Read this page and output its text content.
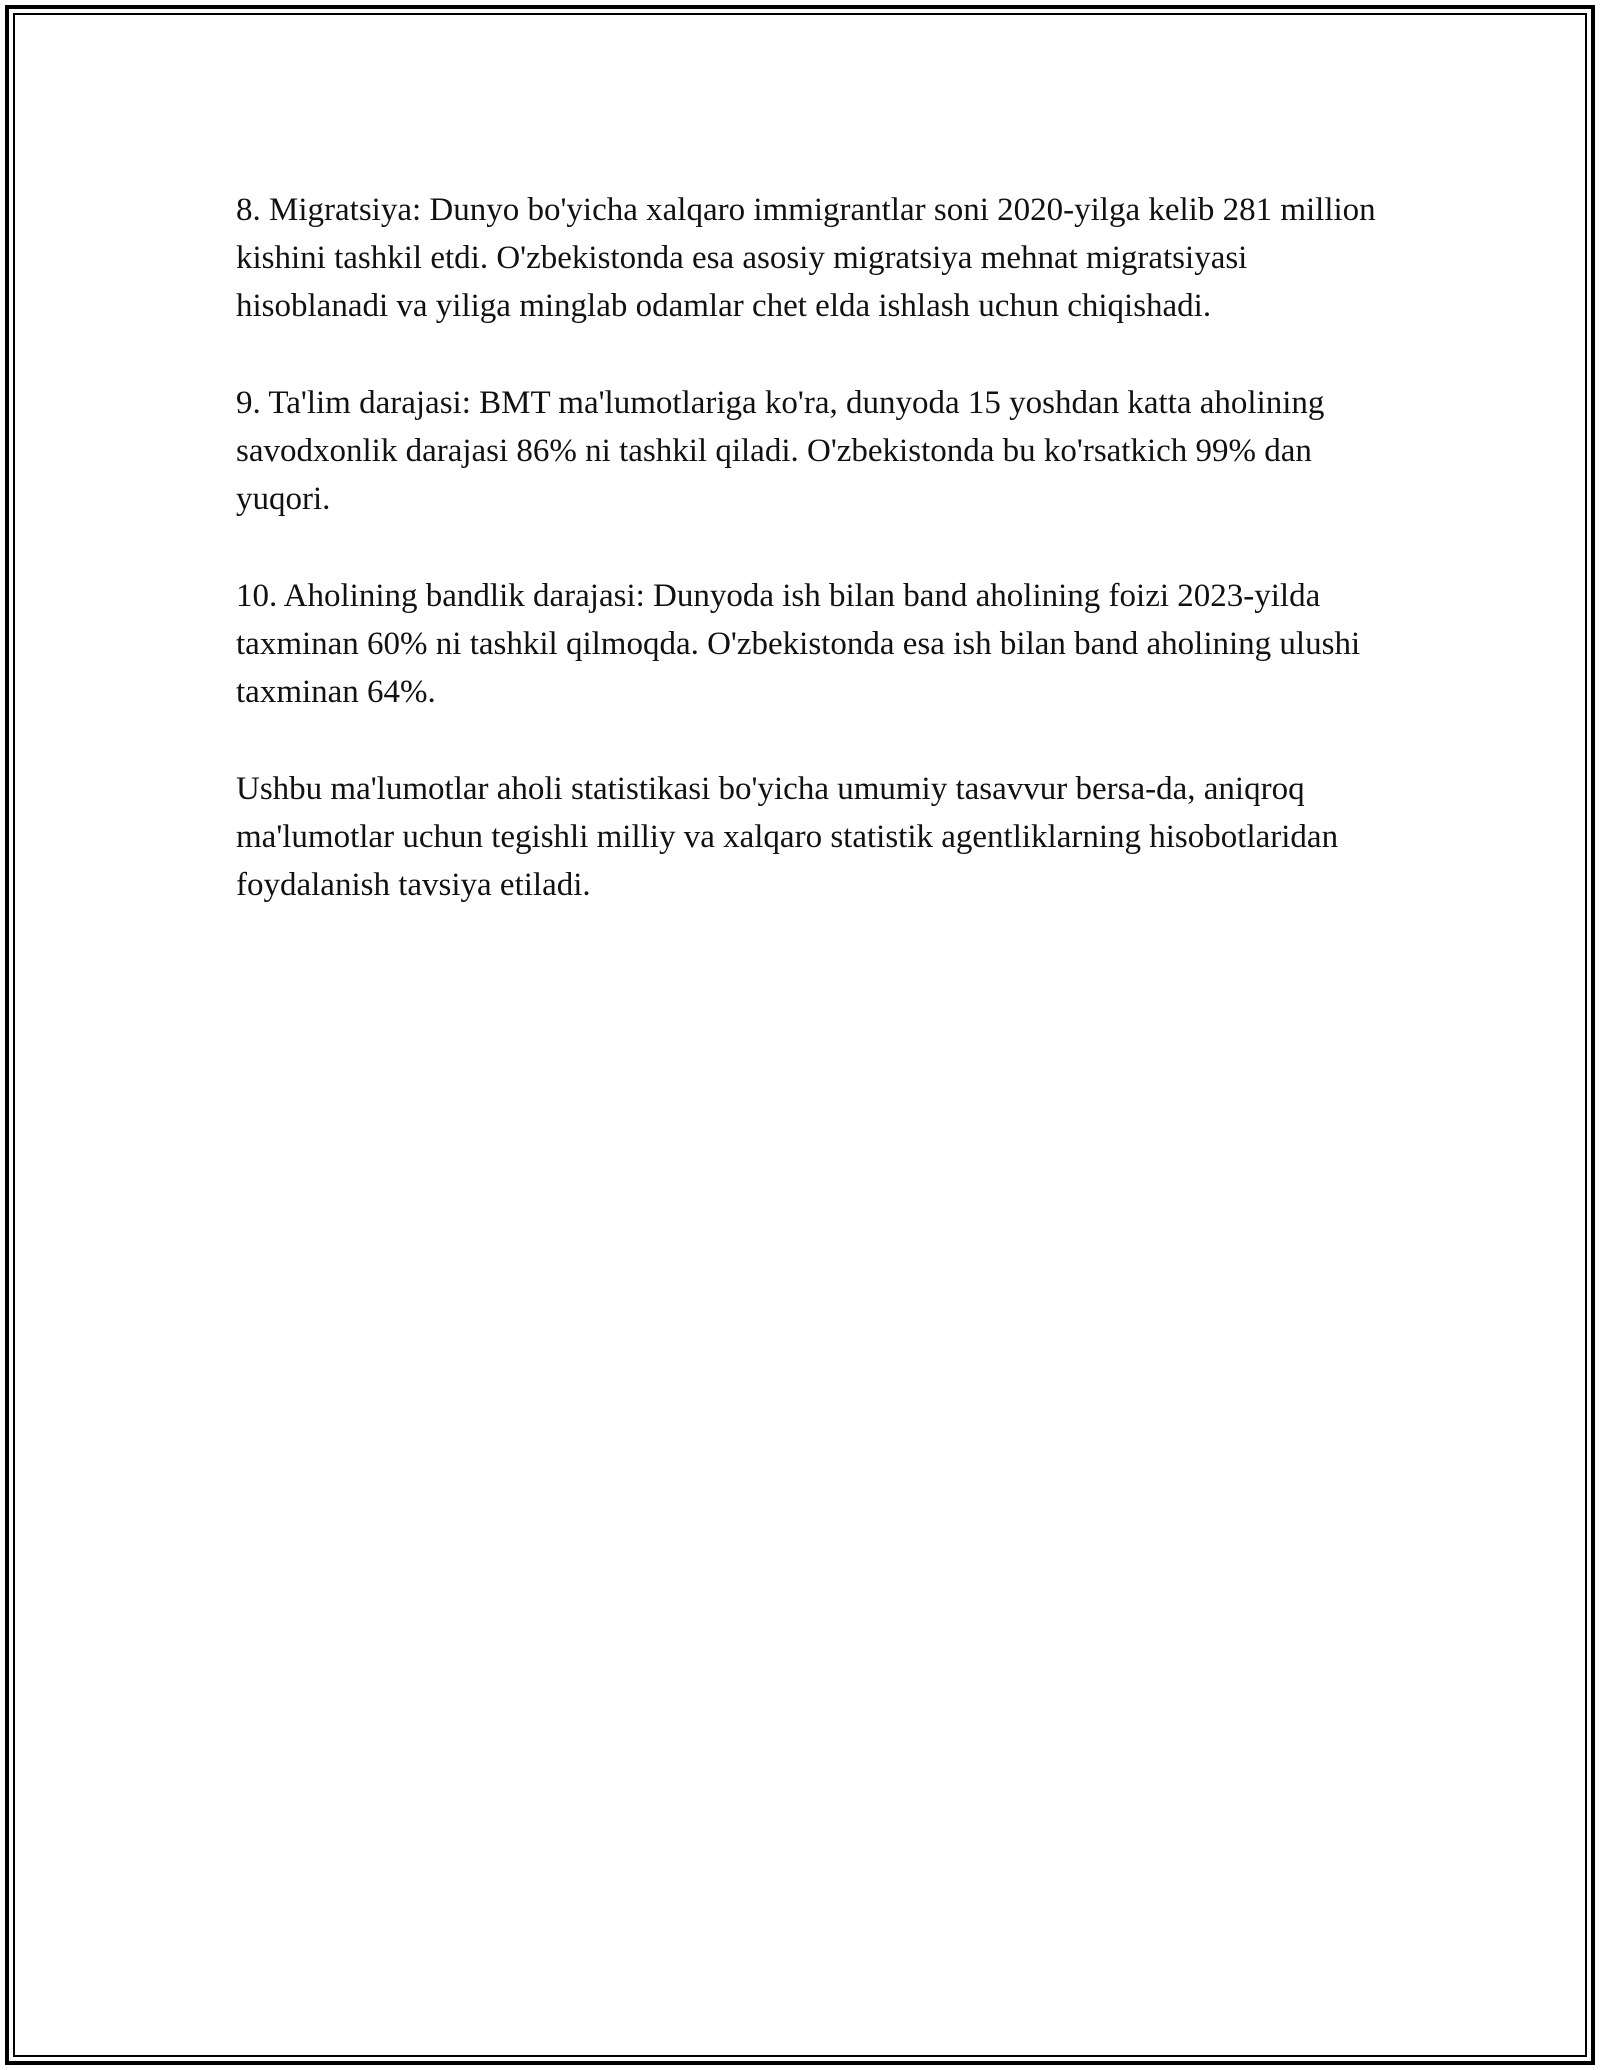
8. Migratsiya: Dunyo bo'yicha xalqaro immigrantlar soni 2020-yilga kelib 281 million kishini tashkil etdi. O'zbekistonda esa asosiy migratsiya mehnat migratsiyasi hisoblanadi va yiliga minglab odamlar chet elda ishlash uchun chiqishadi.

9. Ta'lim darajasi: BMT ma'lumotlariga ko'ra, dunyoda 15 yoshdan katta aholining savodxonlik darajasi 86% ni tashkil qiladi. O'zbekistonda bu ko'rsatkich 99% dan yuqori.

10. Aholining bandlik darajasi: Dunyoda ish bilan band aholining foizi 2023-yilda taxminan 60% ni tashkil qilmoqda. O'zbekistonda esa ish bilan band aholining ulushi taxminan 64%.

Ushbu ma'lumotlar aholi statistikasi bo'yicha umumiy tasavvur bersa-da, aniqroq ma'lumotlar uchun tegishli milliy va xalqaro statistik agentliklarning hisobotlaridan foydalanish tavsiya etiladi.
